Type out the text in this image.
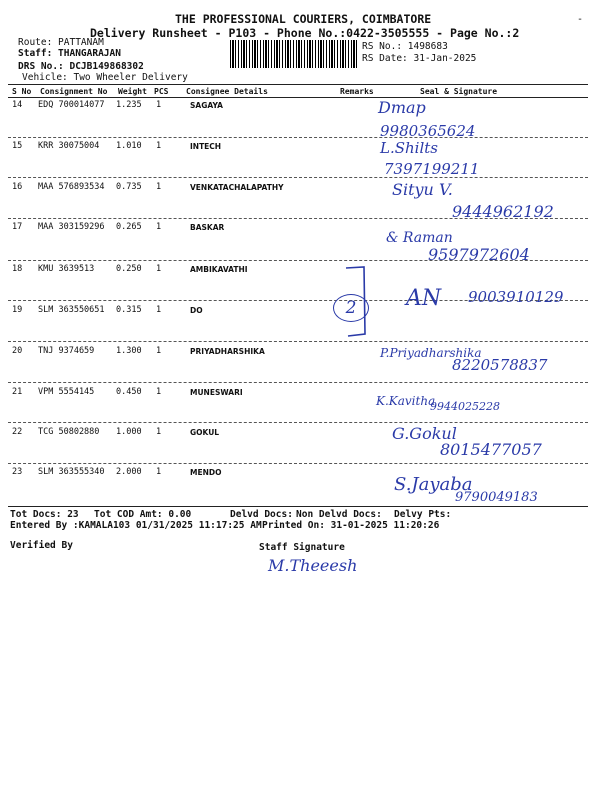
-
THE PROFESSIONAL COURIERS, COIMBATORE
Delivery Runsheet - P103 - Phone No.:0422-3505555 - Page No.:2
Route: PATTANAM
Staff: THANGARAJAN
DRS No.: DCJB149868302
Vehicle: Two Wheeler Delivery
RS No.: 1498683
RS Date: 31-Jan-2025
S No Consignment No Weight PCS Consignee Details	Remarks	Seal & Signature
14 EDQ 700014077 1.235 1	SAGAYA	Dmap
9980365624
15 KRR 30075004 1.010 1	INTECH	L.Shilts
7397199211
16 MAA 576893534 0.735 1	VENKATACHALAPATHY	Sityu V.
9444962192
17 MAA 303159296 0.265 1	BASKAR
& Raman
9597972604
18 KMU 3639513	0.250 1	AMBIKAVATHI
19 SLM 363550651 0.315 1	DO	AN 9003910129
2
20 TNJ 9374659	1.300 1	PRIYADHARSHIKA	P.Priyadharshika
8220578837
21 VPM 5554145	0.450 1	MUNESWARI
K.Kavitha
9944025228
22 TCG 50802880 1.000 1	GOKUL	G.Gokul
8015477057
23 SLM 363555340 2.000 1	MENDO
S.Jayaba
9790049183
Tot Docs: 23 Tot COD Amt: 0.00	Delvd Docs: Non Delvd Docs: Delvy Pts:
Entered By :KAMALA103 01/31/2025 11:17:25 AM Printed On: 31-01-2025 11:20:26
Verified By	Staff Signature
M.Theeesh
